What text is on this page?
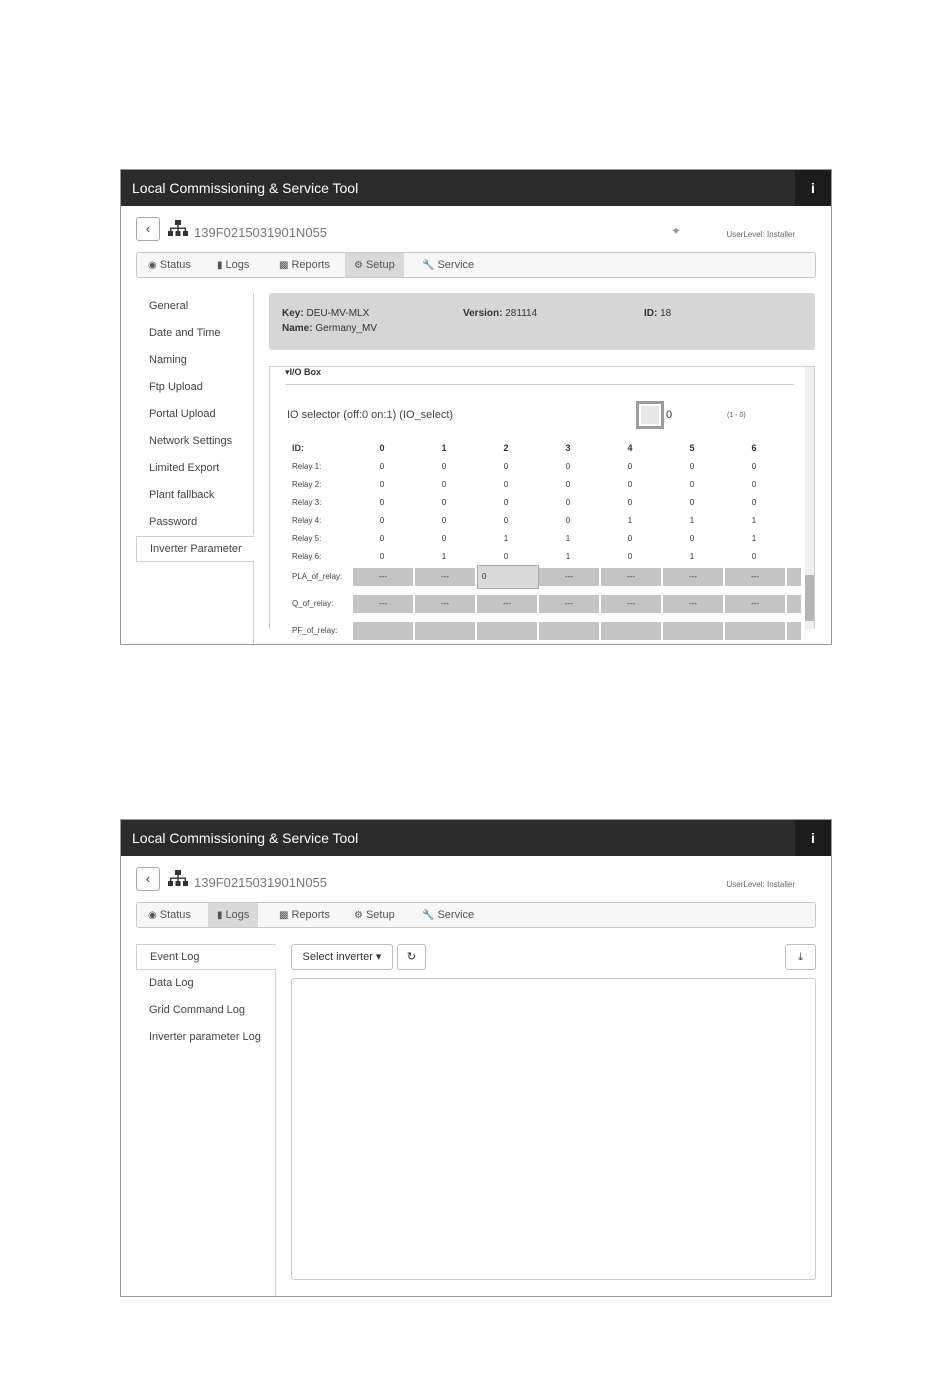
Local Commissioning & Service Tool	i
‹	139F0215031901N055	✦	UserLevel: Installer
◉ Status	▮ Logs	▩ Reports	⚙ Setup	🔧 Service
General
Date and Time
Naming
Ftp Upload
Portal Upload
Network Settings
Limited Export
Plant fallback
Password
Inverter Parameter
Key: DEU-MV-MLX	Version: 281114	ID: 18
Name: Germany_MV
▾I/O Box
IO selector (off:0 on:1) (IO_select)	0	(1 - 0)
ID:	0	1	2	3	4	5	6
Relay 1:	0	0	0	0	0	0	0
Relay 2:	0	0	0	0	0	0	0
Relay 3:	0	0	0	0	0	0	0
Relay 4:	0	0	0	0	1	1	1
Relay 5:	0	0	1	1	0	0	1
Relay 6:	0	1	0	1	0	1	0
PLA_of_relay:	---	---	0	---	---	---	---
Q_of_relay:	---	---	---	---	---	---	---
PF_of_relay:
Local Commissioning & Service Tool	i
‹	139F0215031901N055	UserLevel: Installer
◉ Status	▮ Logs	▩ Reports	⚙ Setup	🔧 Service
Event Log
Data Log
Grid Command Log
Inverter parameter Log
Select inverter ▾	↻	⤓
